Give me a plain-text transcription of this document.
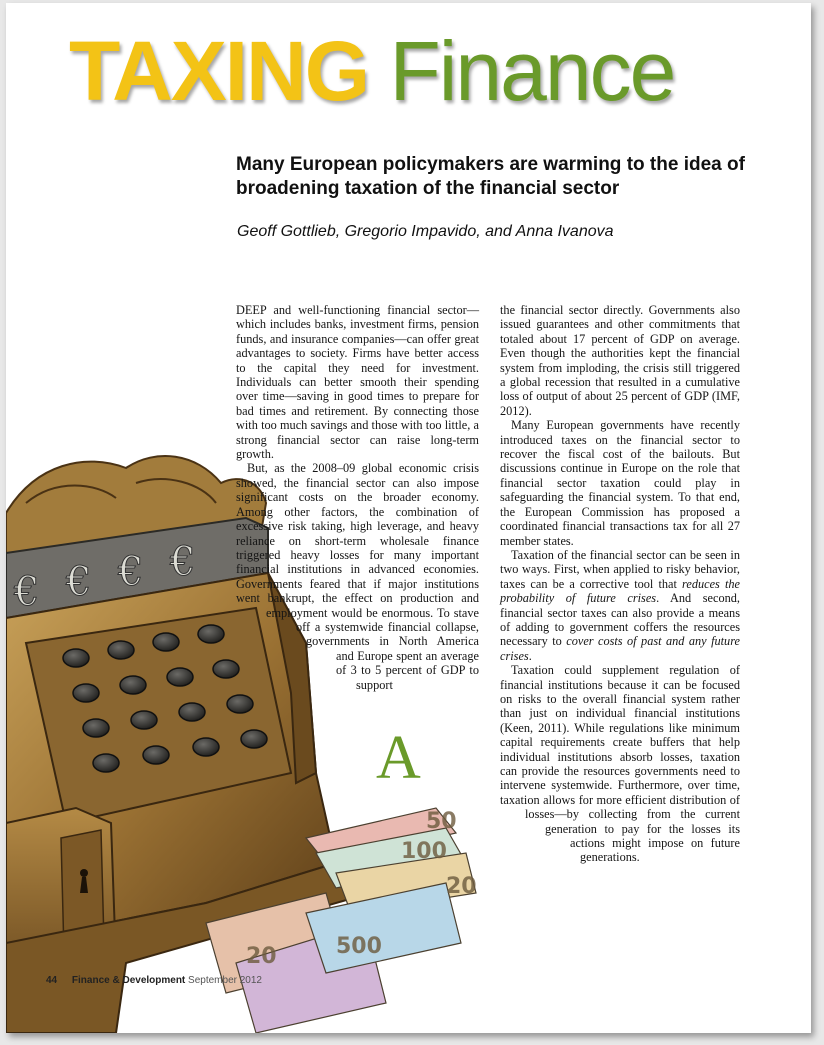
TAXING Finance
Many European policymakers are warming to the idea of broadening taxation of the financial sector

Geoff Gottlieb, Gregorio Impavido, and Anna Ivanova

€ € € €
50
100
20
20	500

A
DEEP and well-functioning financial sector—which includes banks, investment firms, pension funds, and insurance companies—can offer great advantages to society. Firms have better access to the capital they need for investment. Individuals can better smooth their spending over time—saving in good times to prepare for bad times and retirement. By connecting those with too much savings and those with too little, a strong financial sector can raise long-term growth.

But, as the 2008–09 global economic crisis showed, the financial sector can also impose significant costs on the broader economy. Among other factors, the combination of excessive risk taking, high leverage, and heavy reliance on short-term wholesale finance triggered heavy losses for many important financial institutions in advanced economies. Governments feared that if major institutions went bankrupt, the effect on production and employment would be enormous. To stave off a systemwide financial collapse, governments in North America and Europe spent an average of 3 to 5 percent of GDP to support

the financial sector directly. Governments also issued guarantees and other commitments that totaled about 17 percent of GDP on average. Even though the authorities kept the financial system from imploding, the crisis still triggered a global recession that resulted in a cumulative loss of output of about 25 percent of GDP (IMF, 2012).

Many European governments have recently introduced taxes on the financial sector to recover the fiscal cost of the bailouts. But discussions continue in Europe on the role that financial sector taxation could play in safeguarding the financial system. To that end, the European Commission has proposed a coordinated financial transactions tax for all 27 member states.

Taxation of the financial sector can be seen in two ways. First, when applied to risky behavior, taxes can be a corrective tool that reduces the probability of future crises. And second, financial sector taxes can also provide a means of adding to government coffers the resources necessary to cover costs of past and any future crises.

Taxation could supplement regulation of financial institutions because it can be focused on risks to the overall financial system rather than just on individual financial institutions (Keen, 2011). While regulations like minimum capital requirements create buffers that help individual institutions absorb losses, taxation can provide the resources governments need to intervene systemwide. Furthermore, over time, taxation allows for more efficient distribution of losses—by collecting from the current generation to pay for the losses its actions might impose on future generations.

44 Finance & Development September 2012
